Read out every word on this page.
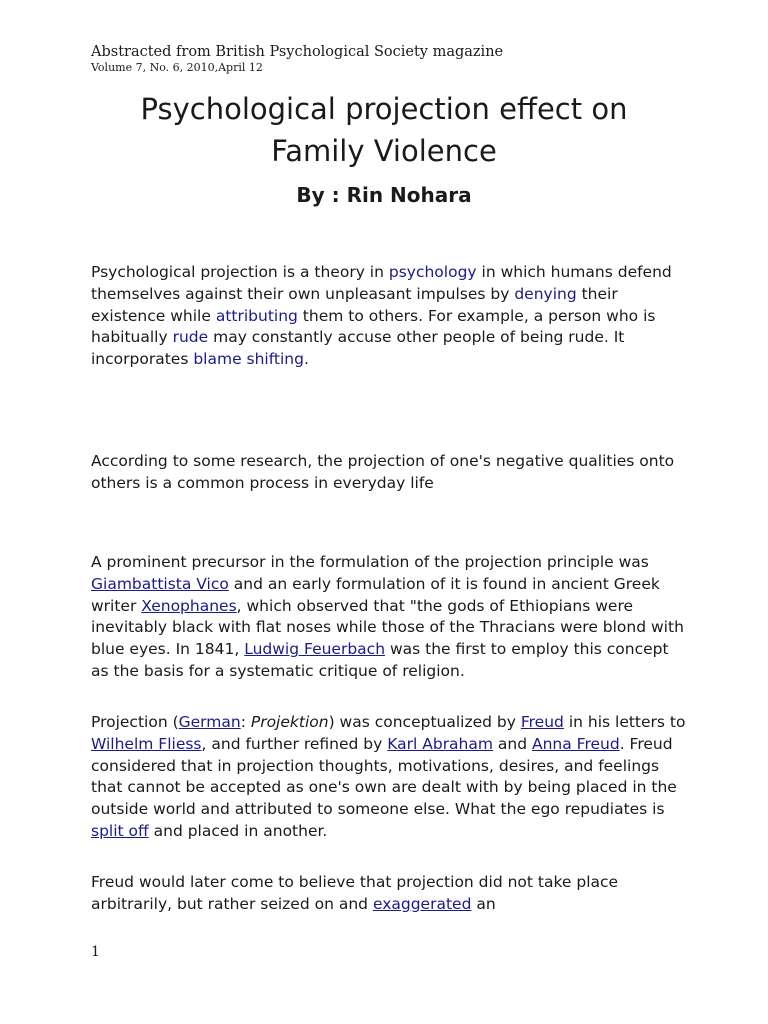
Abstracted from British Psychological Society magazine
Volume 7, No. 6, 2010,April 12
Psychological projection effect on
Family Violence
By : Rin Nohara

Psychological projection is a theory in psychology in which humans defend themselves against their own unpleasant impulses by denying their existence while attributing them to others. For example, a person who is habitually rude may constantly accuse other people of being rude. It incorporates blame shifting.

According to some research, the projection of one's negative qualities onto others is a common process in everyday life

A prominent precursor in the formulation of the projection principle was Giambattista Vico and an early formulation of it is found in ancient Greek writer Xenophanes, which observed that "the gods of Ethiopians were inevitably black with flat noses while those of the Thracians were blond with blue eyes. In 1841, Ludwig Feuerbach was the first to employ this concept as the basis for a systematic critique of religion.

Projection (German: Projektion) was conceptualized by Freud in his letters to Wilhelm Fliess, and further refined by Karl Abraham and Anna Freud. Freud considered that in projection thoughts, motivations, desires, and feelings that cannot be accepted as one's own are dealt with by being placed in the outside world and attributed to someone else. What the ego repudiates is split off and placed in another.

Freud would later come to believe that projection did not take place arbitrarily, but rather seized on and exaggerated an

1
